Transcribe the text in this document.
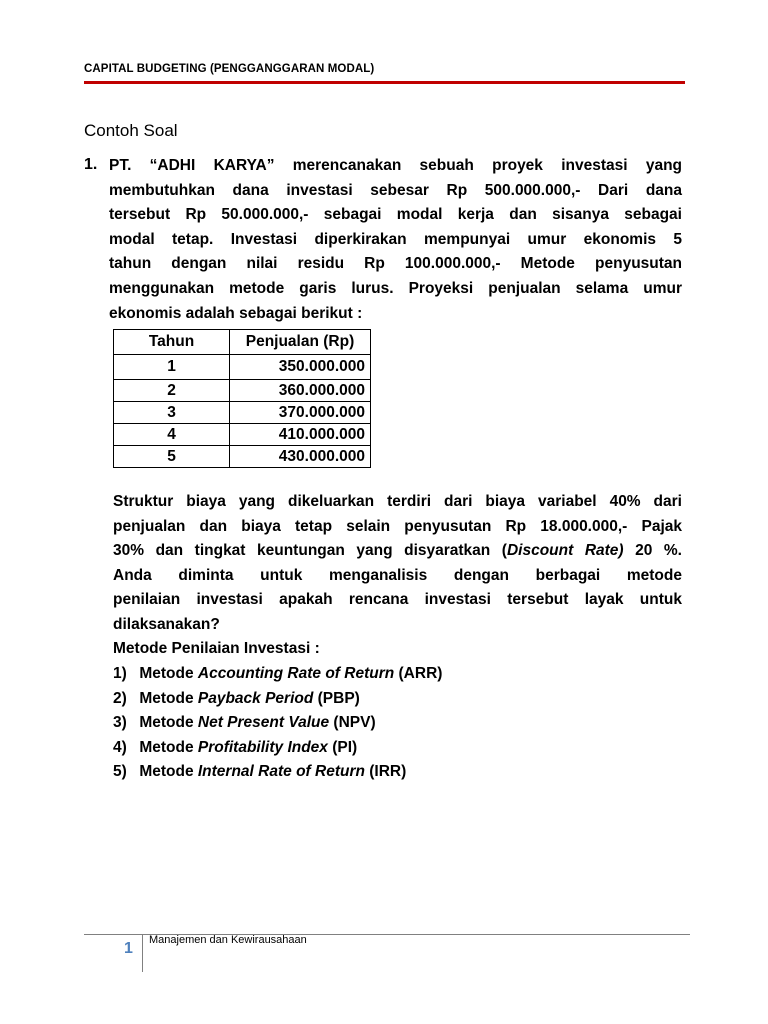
CAPITAL BUDGETING (PENGGANGGARAN MODAL)
Contoh Soal
1. PT. “ADHI KARYA” merencanakan sebuah proyek investasi yang
membutuhkan dana investasi sebesar Rp 500.000.000,- Dari dana
tersebut Rp 50.000.000,- sebagai modal kerja dan sisanya sebagai
modal tetap. Investasi diperkirakan mempunyai umur ekonomis 5
tahun dengan nilai residu Rp 100.000.000,- Metode penyusutan
menggunakan metode garis lurus. Proyeksi penjualan selama umur
ekonomis adalah sebagai berikut :
Tahun	Penjualan (Rp)
1	350.000.000
2	360.000.000
3	370.000.000
4	410.000.000
5	430.000.000
Struktur biaya yang dikeluarkan terdiri dari biaya variabel 40% dari
penjualan dan biaya tetap selain penyusutan Rp 18.000.000,- Pajak
30% dan tingkat keuntungan yang disyaratkan (Discount Rate) 20 %.
Anda diminta untuk menganalisis dengan berbagai metode
penilaian investasi apakah rencana investasi tersebut layak untuk
dilaksanakan?
Metode Penilaian Investasi :
1) Metode Accounting Rate of Return (ARR)
2) Metode Payback Period (PBP)
3) Metode Net Present Value (NPV)
4) Metode Profitability Index (PI)
5) Metode Internal Rate of Return (IRR)
1 Manajemen dan Kewirausahaan
